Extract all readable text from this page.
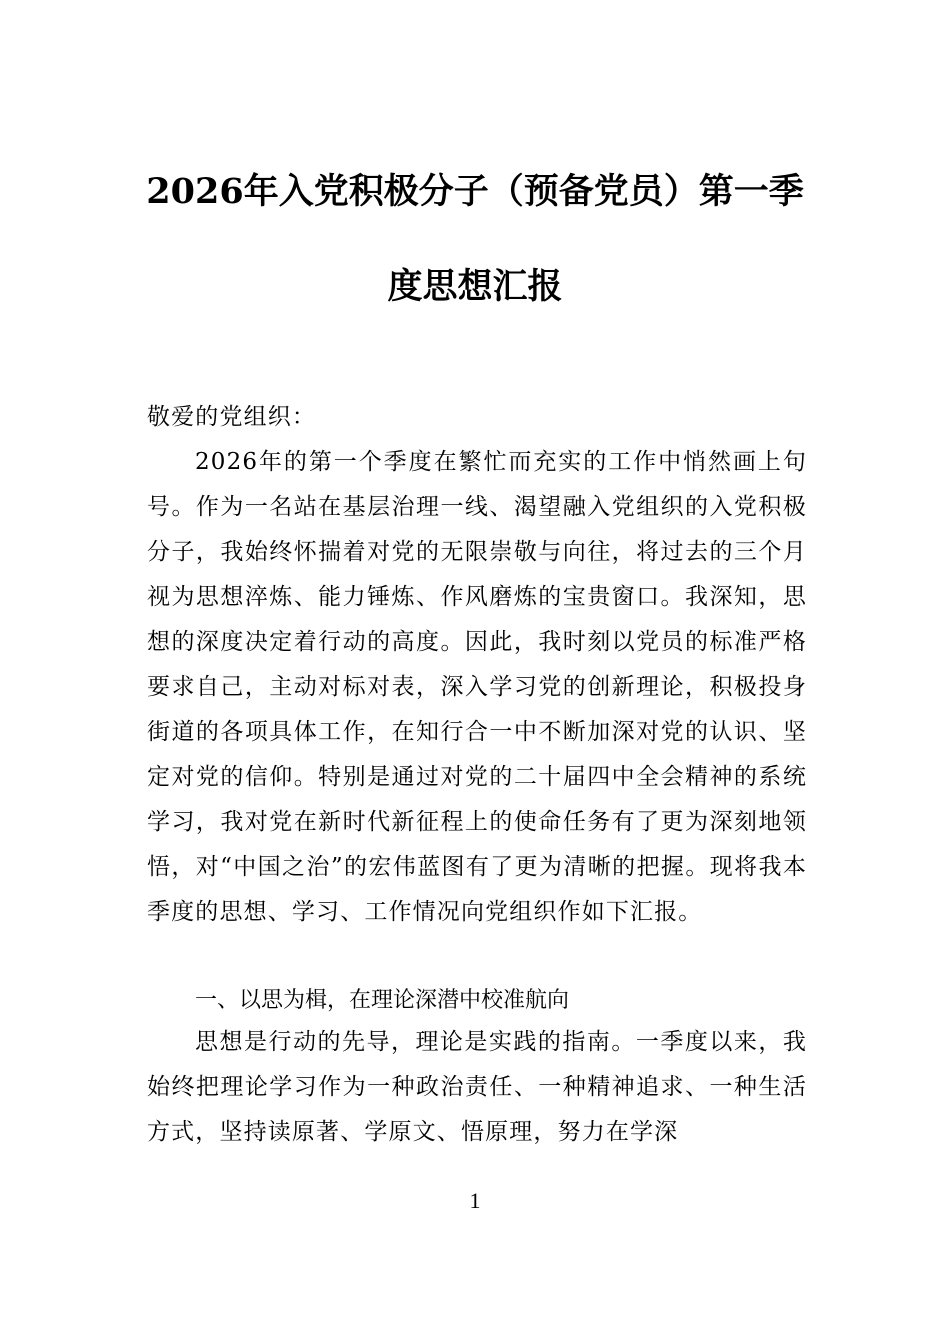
2026年入党积极分子（预备党员）第一季
度思想汇报
敬爱的党组织：
2026年的第一个季度在繁忙而充实的工作中悄然画上句号。作为一名站在基层治理一线、渴望融入党组织的入党积极分子，我始终怀揣着对党的无限崇敬与向往，将过去的三个月视为思想淬炼、能力锤炼、作风磨炼的宝贵窗口。我深知，思想的深度决定着行动的高度。因此，我时刻以党员的标准严格要求自己，主动对标对表，深入学习党的创新理论，积极投身街道的各项具体工作，在知行合一中不断加深对党的认识、坚定对党的信仰。特别是通过对党的二十届四中全会精神的系统学习，我对党在新时代新征程上的使命任务有了更为深刻地领悟，对“中国之治”的宏伟蓝图有了更为清晰的把握。现将我本季度的思想、学习、工作情况向党组织作如下汇报。
一、以思为楫，在理论深潜中校准航向
思想是行动的先导，理论是实践的指南。一季度以来，我始终把理论学习作为一种政治责任、一种精神追求、一种生活方式，坚持读原著、学原文、悟原理，努力在学深
1
